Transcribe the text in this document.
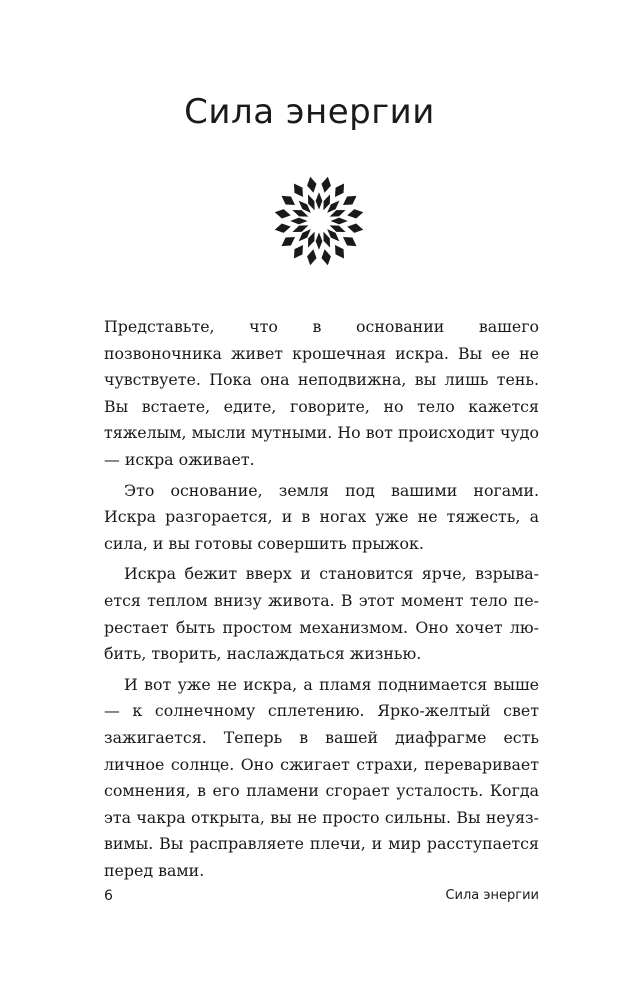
Сила энергии

Представьте, что в основании вашего позвоночника живет крошечная искра. Вы ее не чувствуете. Пока она неподвижна, вы лишь тень. Вы встаете, едите, говорите, но тело кажется тяжелым, мысли мутными. Но вот происходит чудо — искра оживает.

Это основание, земля под вашими ногами. Искра разгорается, и в ногах уже не тяжесть, а сила, и вы готовы совершить прыжок.

Искра бежит вверх и становится ярче, взрывается теплом внизу живота. В этот момент тело перестает быть простом механизмом. Оно хочет любить, творить, наслаждаться жизнью.

И вот уже не искра, а пламя поднимается выше — к солнечному сплетению. Ярко-желтый свет зажигается. Теперь в вашей диафрагме есть личное солнце. Оно сжигает страхи, переваривает сомнения, в его пламени сгорает усталость. Когда эта чакра открыта, вы не просто сильны. Вы неуязвимы. Вы расправляете плечи, и мир расступается перед вами.

6	Сила энергии
